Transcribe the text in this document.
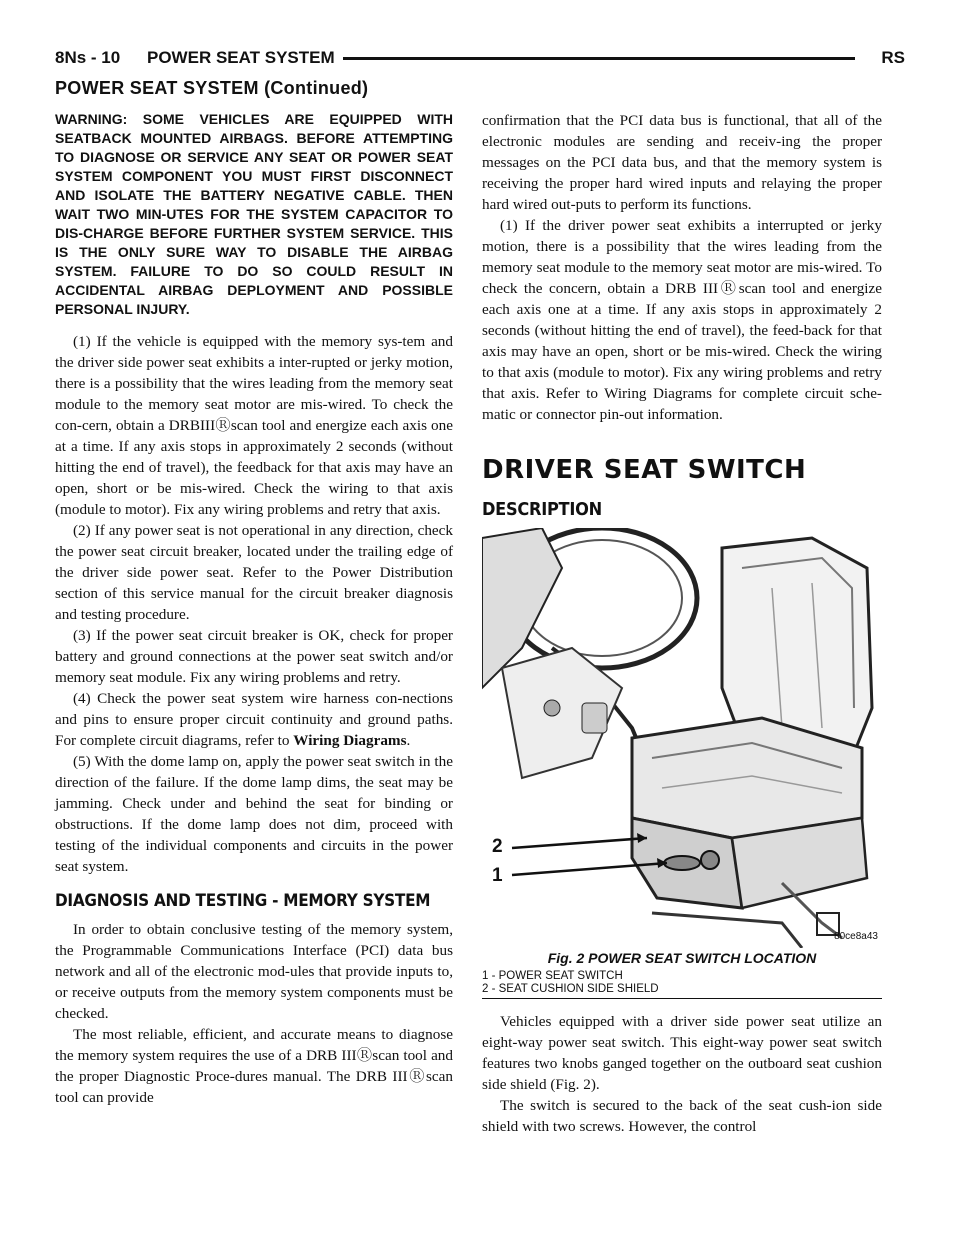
8Ns - 10 POWER SEAT SYSTEM	RS
POWER SEAT SYSTEM (Continued)

WARNING: SOME VEHICLES ARE EQUIPPED WITH SEATBACK MOUNTED AIRBAGS. BEFORE ATTEMPTING TO DIAGNOSE OR SERVICE ANY SEAT OR POWER SEAT SYSTEM COMPONENT YOU MUST FIRST DISCONNECT AND ISOLATE THE BATTERY NEGATIVE CABLE. THEN WAIT TWO MIN-UTES FOR THE SYSTEM CAPACITOR TO DIS-CHARGE BEFORE FURTHER SYSTEM SERVICE. THIS IS THE ONLY SURE WAY TO DISABLE THE AIRBAG SYSTEM. FAILURE TO DO SO COULD RESULT IN ACCIDENTAL AIRBAG DEPLOYMENT AND POSSIBLE PERSONAL INJURY.

(1) If the vehicle is equipped with the memory sys-tem and the driver side power seat exhibits a inter-rupted or jerky motion, there is a possibility that the wires leading from the memory seat module to the memory seat motor are mis-wired. To check the con-cern, obtain a DRBIIIⓇscan tool and energize each axis one at a time. If any axis stops in approximately 2 seconds (without hitting the end of travel), the feedback for that axis may have an open, short or be mis-wired. Check the wiring to that axis (module to motor). Fix any wiring problems and retry that axis.

(2) If any power seat is not operational in any direction, check the power seat circuit breaker, located under the trailing edge of the driver side power seat. Refer to the Power Distribution section of this service manual for the circuit breaker diagnosis and testing procedure.

(3) If the power seat circuit breaker is OK, check for proper battery and ground connections at the power seat switch and/or memory seat module. Fix any wiring problems and retry.

(4) Check the power seat system wire harness con-nections and pins to ensure proper circuit continuity and ground paths. For complete circuit diagrams, refer to Wiring Diagrams.

(5) With the dome lamp on, apply the power seat switch in the direction of the failure. If the dome lamp dims, the seat may be jamming. Check under and behind the seat for binding or obstructions. If the dome lamp does not dim, proceed with testing of the individual components and circuits in the power seat system.

DIAGNOSIS AND TESTING - MEMORY SYSTEM

In order to obtain conclusive testing of the memory system, the Programmable Communications Interface (PCI) data bus network and all of the electronic mod-ules that provide inputs to, or receive outputs from the memory system components must be checked.

The most reliable, efficient, and accurate means to diagnose the memory system requires the use of a DRB IIIⓇscan tool and the proper Diagnostic Proce-dures manual. The DRB IIIⓇscan tool can provide

confirmation that the PCI data bus is functional, that all of the electronic modules are sending and receiv-ing the proper messages on the PCI data bus, and that the memory system is receiving the proper hard wired inputs and relaying the proper hard wired out-puts to perform its functions.

(1) If the driver power seat exhibits a interrupted or jerky motion, there is a possibility that the wires leading from the memory seat module to the memory seat motor are mis-wired. To check the concern, obtain a DRB IIIⓇscan tool and energize each axis one at a time. If any axis stops in approximately 2 seconds (without hitting the end of travel), the feed-back for that axis may have an open, short or be mis-wired. Check the wiring to that axis (module to motor). Fix any wiring problems and retry that axis. Refer to Wiring Diagrams for complete circuit sche-matic or connector pin-out information.

DRIVER SEAT SWITCH
DESCRIPTION
2
1
80ce8a43
Fig. 2 POWER SEAT SWITCH LOCATION
1 - POWER SEAT SWITCH
2 - SEAT CUSHION SIDE SHIELD

Vehicles equipped with a driver side power seat utilize an eight-way power seat switch. This eight-way power seat switch features two knobs ganged together on the outboard seat cushion side shield (Fig. 2).

The switch is secured to the back of the seat cush-ion side shield with two screws. However, the control
